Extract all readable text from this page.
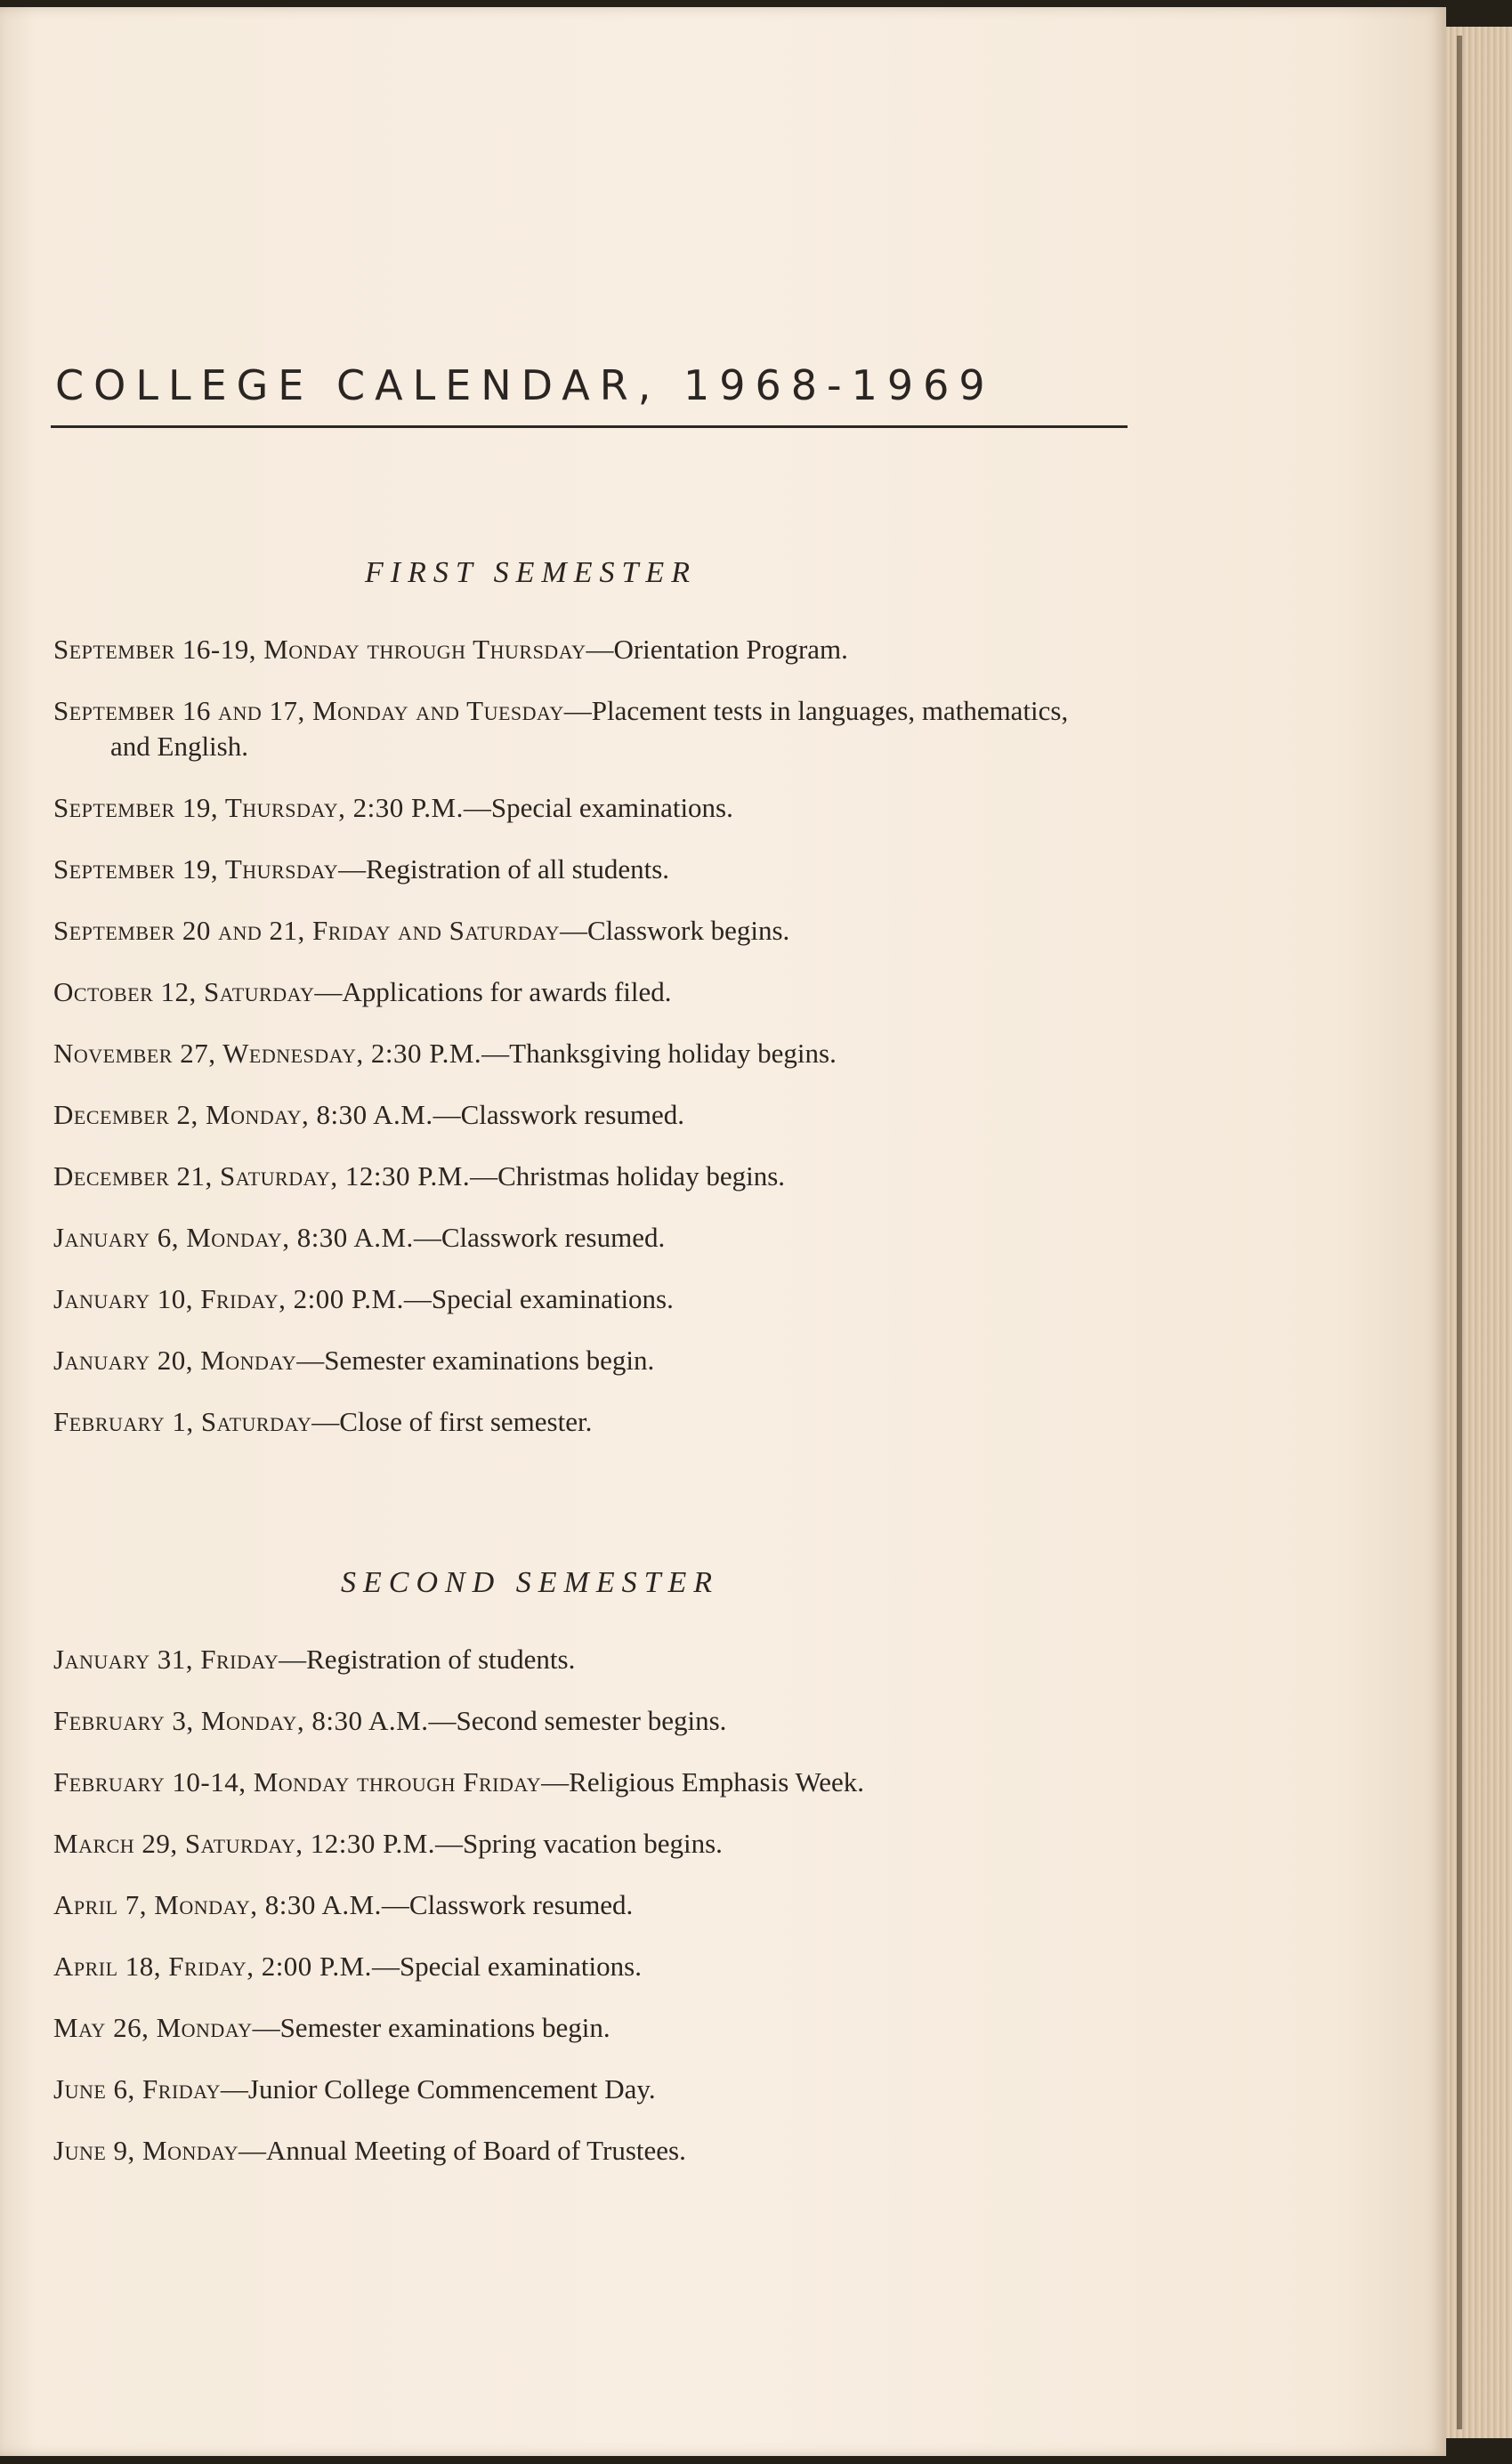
COLLEGE CALENDAR, 1968-1969
FIRST SEMESTER
September 16-19, Monday through Thursday—Orientation Program.
September 16 and 17, Monday and Tuesday—Placement tests in languages, mathematics, and English.
September 19, Thursday, 2:30 P.M.—Special examinations.
September 19, Thursday—Registration of all students.
September 20 and 21, Friday and Saturday—Classwork begins.
October 12, Saturday—Applications for awards filed.
November 27, Wednesday, 2:30 P.M.—Thanksgiving holiday begins.
December 2, Monday, 8:30 A.M.—Classwork resumed.
December 21, Saturday, 12:30 P.M.—Christmas holiday begins.
January 6, Monday, 8:30 A.M.—Classwork resumed.
January 10, Friday, 2:00 P.M.—Special examinations.
January 20, Monday—Semester examinations begin.
February 1, Saturday—Close of first semester.
SECOND SEMESTER
January 31, Friday—Registration of students.
February 3, Monday, 8:30 A.M.—Second semester begins.
February 10-14, Monday through Friday—Religious Emphasis Week.
March 29, Saturday, 12:30 P.M.—Spring vacation begins.
April 7, Monday, 8:30 A.M.—Classwork resumed.
April 18, Friday, 2:00 P.M.—Special examinations.
May 26, Monday—Semester examinations begin.
June 6, Friday—Junior College Commencement Day.
June 9, Monday—Annual Meeting of Board of Trustees.
